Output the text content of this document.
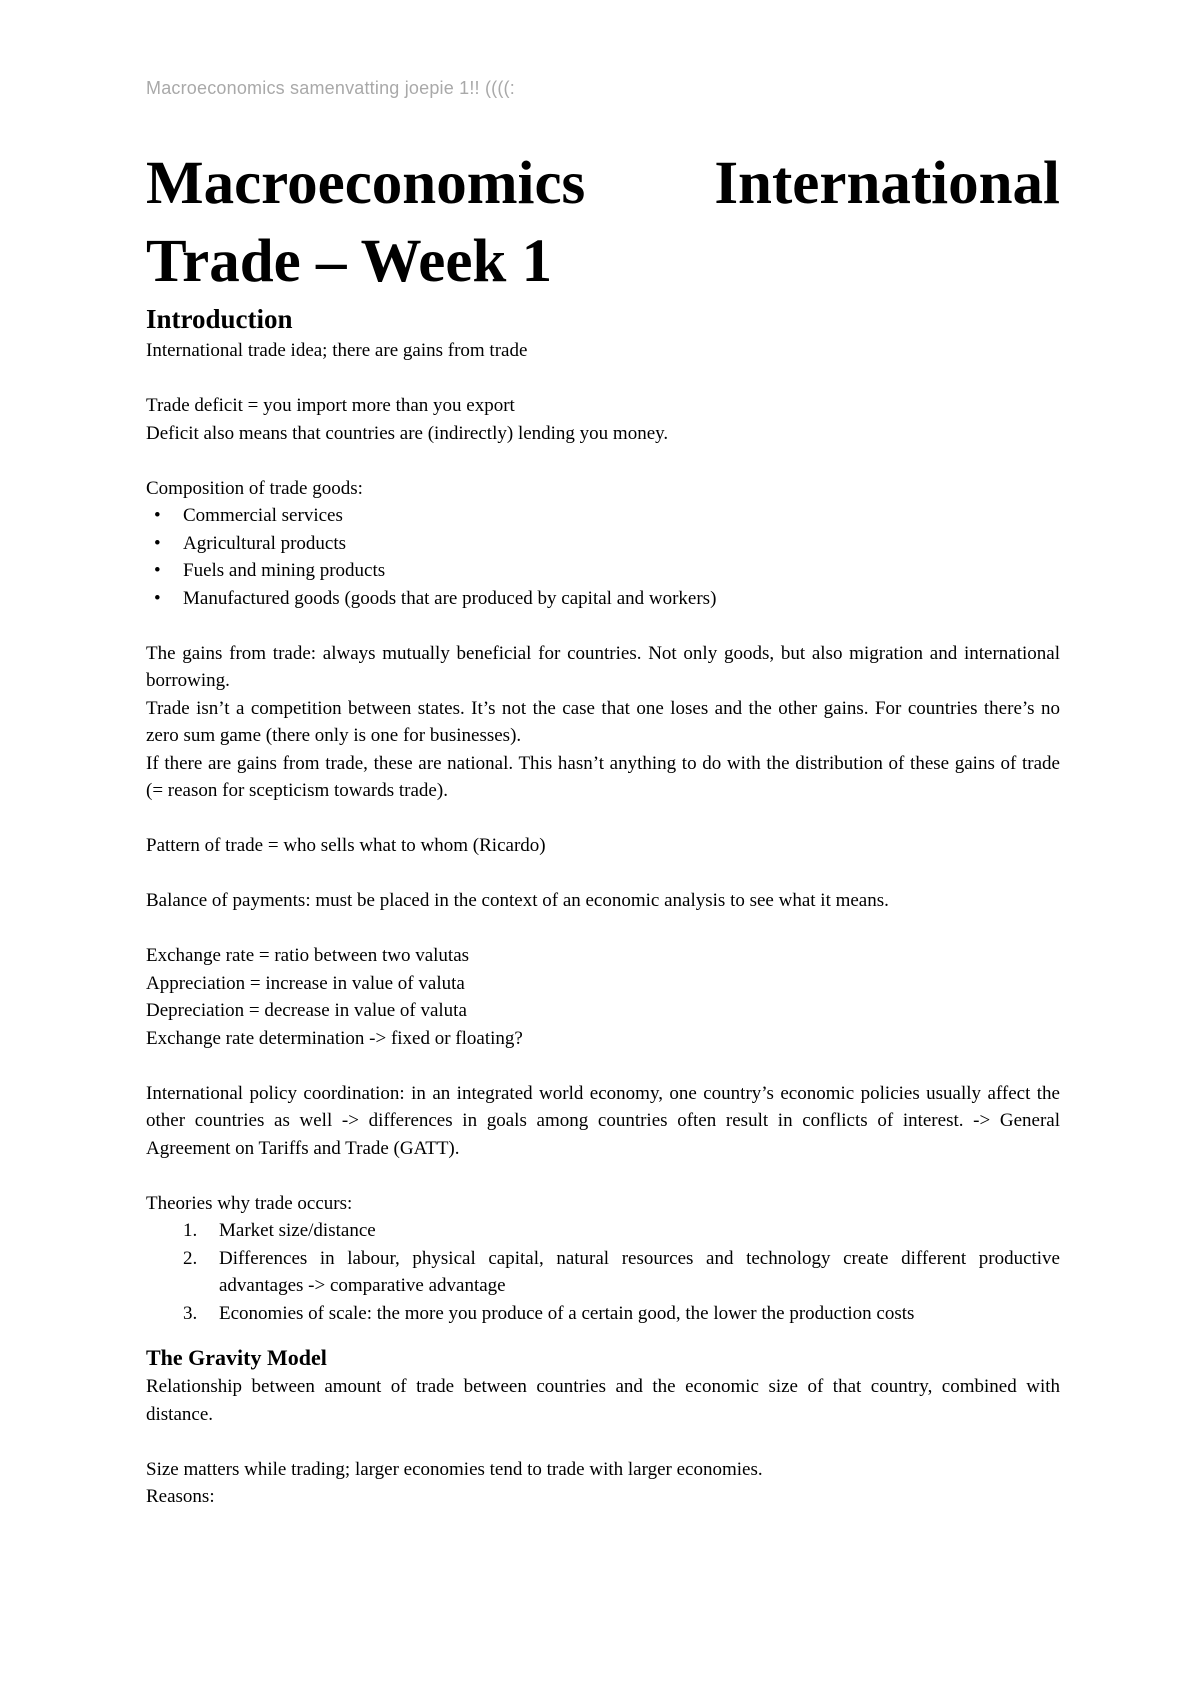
Macroeconomics samenvatting joepie 1!! ((((:
Macroeconomics International
Trade – Week 1
Introduction

International trade idea; there are gains from trade

Trade deficit = you import more than you export

Deficit also means that countries are (indirectly) lending you money.

Composition of trade goods:

• Commercial services
• Agricultural products
• Fuels and mining products
• Manufactured goods (goods that are produced by capital and workers)

The gains from trade: always mutually beneficial for countries. Not only goods, but also migration and international borrowing.

Trade isn’t a competition between states. It’s not the case that one loses and the other gains. For countries there’s no zero sum game (there only is one for businesses).

If there are gains from trade, these are national. This hasn’t anything to do with the distribution of these gains of trade (= reason for scepticism towards trade).

Pattern of trade = who sells what to whom (Ricardo)

Balance of payments: must be placed in the context of an economic analysis to see what it means.

Exchange rate = ratio between two valutas

Appreciation = increase in value of valuta

Depreciation = decrease in value of valuta

Exchange rate determination -> fixed or floating?

International policy coordination: in an integrated world economy, one country’s economic policies usually affect the other countries as well -> differences in goals among countries often result in conflicts of interest. -> General Agreement on Tariffs and Trade (GATT).

Theories why trade occurs:

1. Market size/distance
2. Differences in labour, physical capital, natural resources and technology create different productive advantages -> comparative advantage
3. Economies of scale: the more you produce of a certain good, the lower the production costs
The Gravity Model

Relationship between amount of trade between countries and the economic size of that country, combined with distance.

Size matters while trading; larger economies tend to trade with larger economies.

Reasons:
